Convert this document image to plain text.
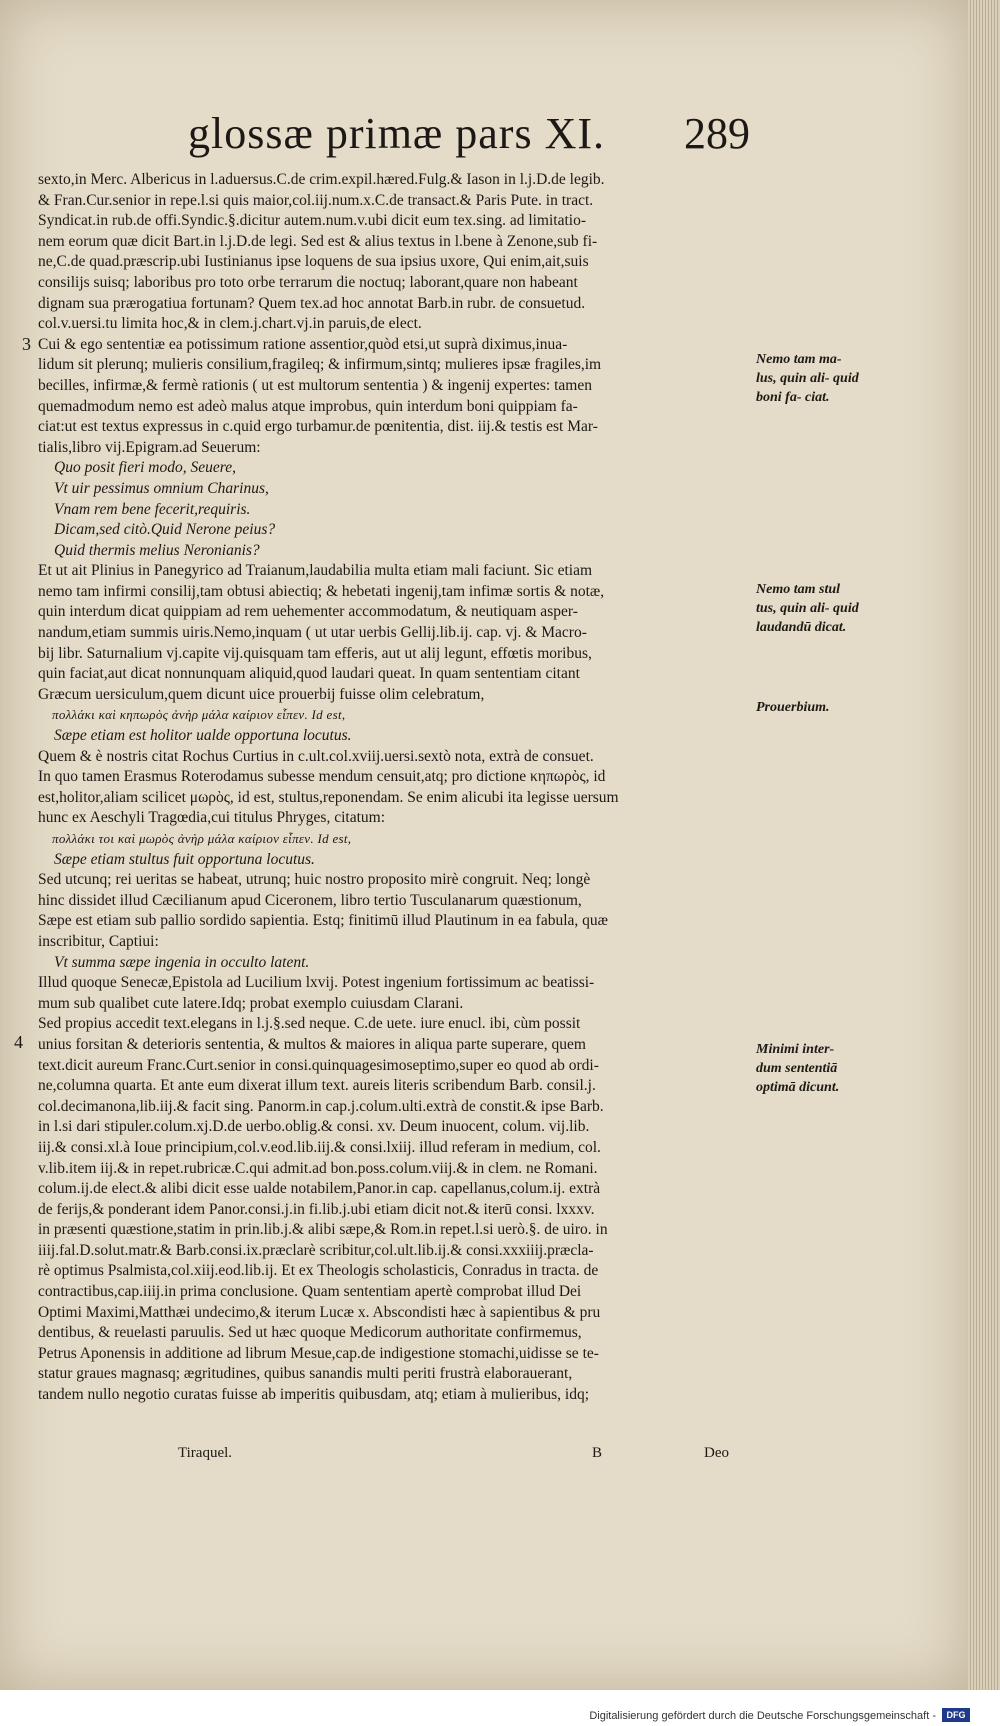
glossæ primæ pars XI. 289
3
4
sexto,in Merc. Albericus in l.aduersus.C.de crim.expil.hæred.Fulg.& Iason in l.j.D.de legib.
& Fran.Cur.senior in repe.l.si quis maior,col.iij.num.x.C.de transact.& Paris Pute. in tract.
Syndicat.in rub.de offi.Syndic.§.dicitur autem.num.v.ubi dicit eum tex.sing. ad limitatio-
nem eorum quæ dicit Bart.in l.j.D.de legi. Sed est & alius textus in l.bene à Zenone,sub fi-
ne,C.de quad.præscrip.ubi Iustinianus ipse loquens de sua ipsius uxore, Qui enim,ait,suis
consilijs suisq; laboribus pro toto orbe terrarum die noctuq; laborant,quare non habeant
dignam sua prærogatiua fortunam? Quem tex.ad hoc annotat Barb.in rubr. de consuetud.
col.v.uersi.tu limita hoc,& in clem.j.chart.vj.in paruis,de elect.
Cui & ego sententiæ ea potissimum ratione assentior,quòd etsi,ut suprà diximus,inua-
lidum sit plerunq; mulieris consilium,fragileq; & infirmum,sintq; mulieres ipsæ fragiles,im
becilles, infirmæ,& fermè rationis ( ut est multorum sententia ) & ingenij expertes: tamen
quemadmodum nemo est adeò malus atque improbus, quin interdum boni quippiam fa-
ciat:ut est textus expressus in c.quid ergo turbamur.de pœnitentia, dist. iij.& testis est Mar-
tialis,libro vij.Epigram.ad Seuerum:
Quo posit fieri modo, Seuere,
Vt uir pessimus omnium Charinus,
Vnam rem bene fecerit,requiris.
Dicam,sed citò.Quid Nerone peius?
Quid thermis melius Neronianis?
Et ut ait Plinius in Panegyrico ad Traianum,laudabilia multa etiam mali faciunt. Sic etiam
nemo tam infirmi consilij,tam obtusi abiectiq; & hebetati ingenij,tam infimæ sortis & notæ,
quin interdum dicat quippiam ad rem uehementer accommodatum, & neutiquam asper-
nandum,etiam summis uiris.Nemo,inquam ( ut utar uerbis Gellij.lib.ij. cap. vj. & Macro-
bij libr. Saturnalium vj.capite vij.quisquam tam efferis, aut ut alij legunt, effœtis moribus,
quin faciat,aut dicat nonnunquam aliquid,quod laudari queat. In quam sententiam citant
Græcum uersiculum,quem dicunt uice prouerbij fuisse olim celebratum,
πολλάκι καὶ κηπωρὸς ἀνὴρ μάλα καίριον εἶπεν. Id est,
Sæpe etiam est holitor ualde opportuna locutus.
Quem & è nostris citat Rochus Curtius in c.ult.col.xviij.uersi.sextò nota, extrà de consuet.
In quo tamen Erasmus Roterodamus subesse mendum censuit,atq; pro dictione κηπωρὸς, id
est,holitor,aliam scilicet μωρὸς, id est, stultus,reponendam. Se enim alicubi ita legisse uersum
hunc ex Aeschyli Tragœdia,cui titulus Phryges, citatum:
πολλάκι τοι καὶ μωρὸς ἀνὴρ μάλα καίριον εἶπεν. Id est,
Sæpe etiam stultus fuit opportuna locutus.
Sed utcunq; rei ueritas se habeat, utrunq; huic nostro proposito mirè congruit. Neq; longè
hinc dissidet illud Cæcilianum apud Ciceronem, libro tertio Tusculanarum quæstionum,
Sæpe est etiam sub pallio sordido sapientia. Estq; finitimū illud Plautinum in ea fabula, quæ
inscribitur, Captiui:
Vt summa sæpe ingenia in occulto latent.
Illud quoque Senecæ,Epistola ad Lucilium lxvij. Potest ingenium fortissimum ac beatissi-
mum sub qualibet cute latere.Idq; probat exemplo cuiusdam Clarani.
Sed propius accedit text.elegans in l.j.§.sed neque. C.de uete. iure enucl. ibi, cùm possit
unius forsitan & deterioris sententia, & multos & maiores in aliqua parte superare, quem
text.dicit aureum Franc.Curt.senior in consi.quinquagesimoseptimo,super eo quod ab ordi-
ne,columna quarta. Et ante eum dixerat illum text. aureis literis scribendum Barb. consil.j.
col.decimanona,lib.iij.& facit sing. Panorm.in cap.j.colum.ulti.extrà de constit.& ipse Barb.
in l.si dari stipuler.colum.xj.D.de uerbo.oblig.& consi. xv. Deum inuocent, colum. vij.lib.
iij.& consi.xl.à Ioue principium,col.v.eod.lib.iij.& consi.lxiij. illud referam in medium, col.
v.lib.item iij.& in repet.rubricæ.C.qui admit.ad bon.poss.colum.viij.& in clem. ne Romani.
colum.ij.de elect.& alibi dicit esse ualde notabilem,Panor.in cap. capellanus,colum.ij. extrà
de ferijs,& ponderant idem Panor.consi.j.in fi.lib.j.ubi etiam dicit not.& iterū consi. lxxxv.
in præsenti quæstione,statim in prin.lib.j.& alibi sæpe,& Rom.in repet.l.si uerò.§. de uiro. in
iiij.fal.D.solut.matr.& Barb.consi.ix.præclarè scribitur,col.ult.lib.ij.& consi.xxxiiij.præcla-
rè optimus Psalmista,col.xiij.eod.lib.ij. Et ex Theologis scholasticis, Conradus in tracta. de
contractibus,cap.iiij.in prima conclusione. Quam sententiam apertè comprobat illud Dei
Optimi Maximi,Matthæi undecimo,& iterum Lucæ x. Abscondisti hæc à sapientibus & pru
dentibus, & reuelasti paruulis. Sed ut hæc quoque Medicorum authoritate confirmemus,
Petrus Aponensis in additione ad librum Mesue,cap.de indigestione stomachi,uidisse se te-
statur graues magnasq; ægritudines, quibus sanandis multi periti frustrà elaborauerant,
tandem nullo negotio curatas fuisse ab imperitis quibusdam, atq; etiam à mulieribus, idq;
Nemo tam ma- lus, quin ali- quid boni fa- ciat.
Nemo tam stul tus, quin ali- quid laudandū dicat.
Prouerbium.
Minimi inter- dum sententiā optimā dicunt.
Tiraquel.	B	Deo
Digitalisierung gefördert durch die Deutsche Forschungsgemeinschaft -	DFG
